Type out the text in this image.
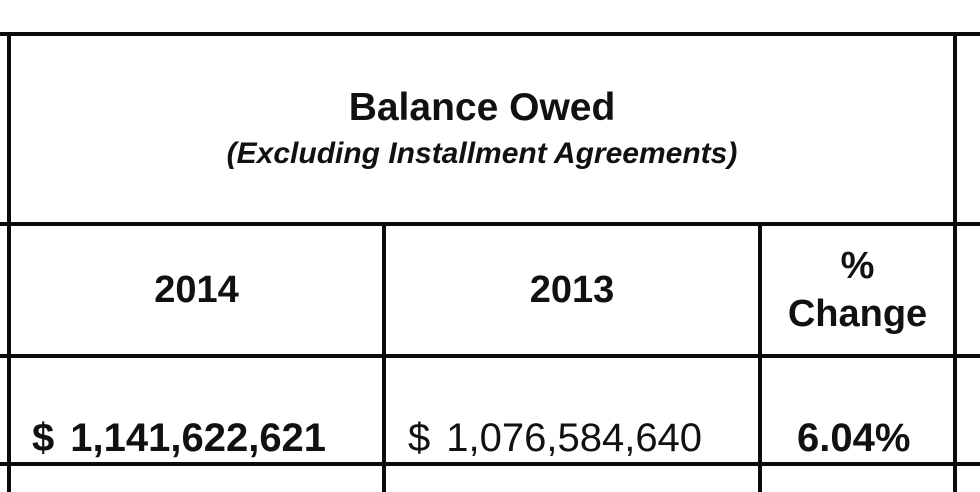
Balance Owed
(Excluding Installment Agreements)
2014	2013
%
Change
$ 1,141,622,621 $ 1,076,584,640 6.04%
